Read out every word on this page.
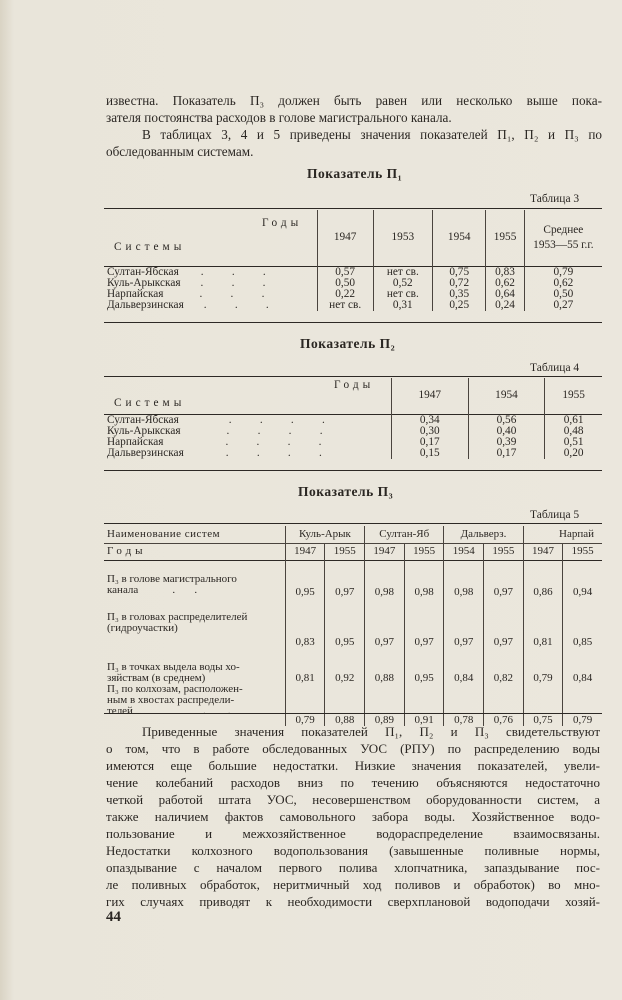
известна. Показатель П₃ должен быть равен или несколько выше пока-
зателя постоянства расходов в голове магистрального канала.
В таблицах 3, 4 и 5 приведены значения показателей П₁, П₂ и П₃ по
обследованным системам.

Показатель П₁
Таблица 3
Годы
Системы	1947	1953	1954	1955	Среднее
1953—55 г.г.
Султан-Ябская .          .          .	0,57	нет св.	0,75	0,83	0,79
Куль-Арыкская .          .          .	0,50	0,52	0,72	0,62	0,62
Нарпайская .          .          .	0,22	нет св.	0,35	0,64	0,50
Дальверзинская .          .          .	нет св.	0,31	0,25	0,24	0,27
Показатель П₂
Таблица 4
Годы
Системы	1947	1954	1955
Султан-Ябская .          .          .          .	0,34	0,56	0,61
Куль-Арыкская .          .          .          .	0,30	0,40	0,48
Нарпайская .          .          .          .	0,17	0,39	0,51
Дальверзинская .          .          .          .	0,15	0,17	0,20
Показатель П₃
Таблица 5
Наименование систем	Куль-Арык		Султан-Яб		Дальверз.		Нарпай	
Годы	1947	1955	1947	1955	1954	1955	1947	1955

П₃ в голове магистрального
канала .       .	0,95	0,97	0,98	0,98	0,98	0,97	0,86	0,94
П₃ в головах распределителей
(гидроучастки)	0,83	0,95	0,97	0,97	0,97	0,97	0,81	0,85
П₃ в точках выдела воды хо-
зяйствам (в среднем)	0,81	0,92	0,88	0,95	0,84	0,82	0,79	0,84
П₃ по колхозам, расположен-
ным в хвостах распредели-
телей .        .	0,79	0,88	0,89	0,91	0,78	0,76	0,75	0,79

Приведенные значения показателей П₁, П₂ и П₃ свидетельствуют
о том, что в работе обследованных УОС (РПУ) по распределению воды
имеются еще большие недостатки. Низкие значения показателей, увели-
чение колебаний расходов вниз по течению объясняются недостаточно
четкой работой штата УОС, несовершенством оборудованности систем, а
также наличием фактов самовольного забора воды. Хозяйственное водо-
пользование и межхозяйственное водораспределение взаимосвязаны.
Недостатки колхозного водопользования (завышенные поливные нормы,
опаздывание с началом первого полива хлопчатника, запаздывание пос-
ле поливных обработок, неритмичный ход поливов и обработок) во мно-
гих случаях приводят к необходимости сверхплановой водоподачи хозяй-

44
